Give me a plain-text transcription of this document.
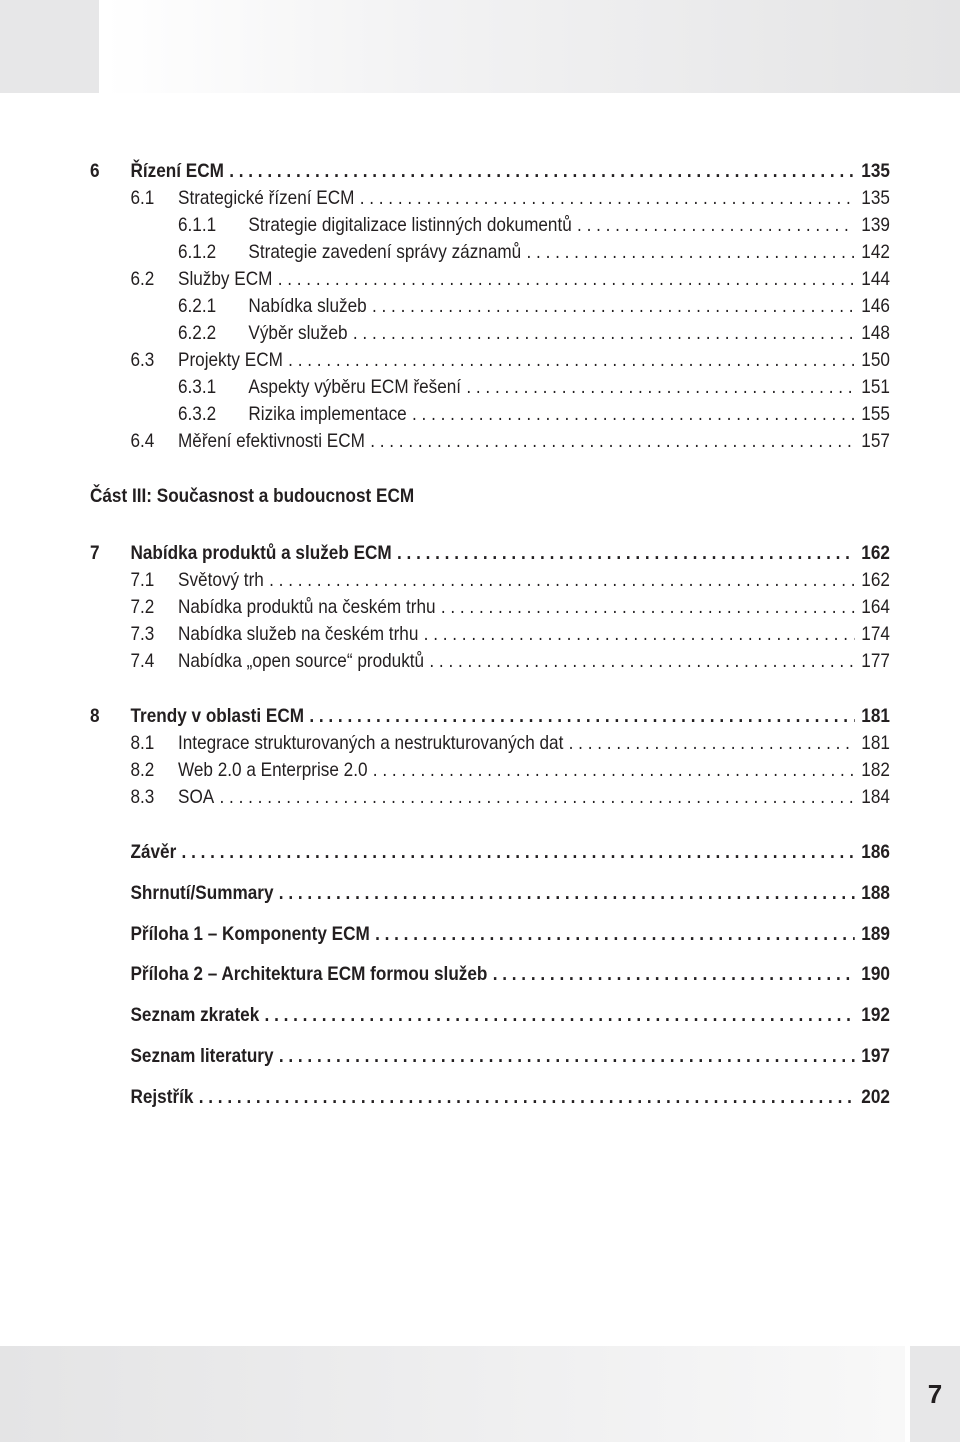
7
6	Řízení ECM . . .	135
6.1	Strategické řízení ECM . . .	135
6.1.1	Strategie digitalizace listinných dokumentů . . .	139
6.1.2	Strategie zavedení správy záznamů . . .	142
6.2	Služby ECM . . .	144
6.2.1	Nabídka služeb . . .	146
6.2.2	Výběr služeb . . .	148
6.3	Projekty ECM . . .	150
6.3.1	Aspekty výběru ECM řešení . . .	151
6.3.2	Rizika implementace . . .	155
6.4	Měření efektivnosti ECM . . .	157
Část III: Současnost a budoucnost ECM
7	Nabídka produktů a služeb ECM . . .	162
7.1	Světový trh . . .	162
7.2	Nabídka produktů na českém trhu . . .	164
7.3	Nabídka služeb na českém trhu . . .	174
7.4	Nabídka „open source“ produktů . . .	177
8	Trendy v oblasti ECM . . .	181
8.1	Integrace strukturovaných a nestrukturovaných dat . . .	181
8.2	Web 2.0 a Enterprise 2.0 . . .	182
8.3	SOA . . .	184
Závěr . . .	186
Shrnutí/Summary . . .	188
Příloha 1 – Komponenty ECM . . .	189
Příloha 2 – Architektura ECM formou služeb . . .	190
Seznam zkratek . . .	192
Seznam literatury . . .	197
Rejstřík . . .	202
